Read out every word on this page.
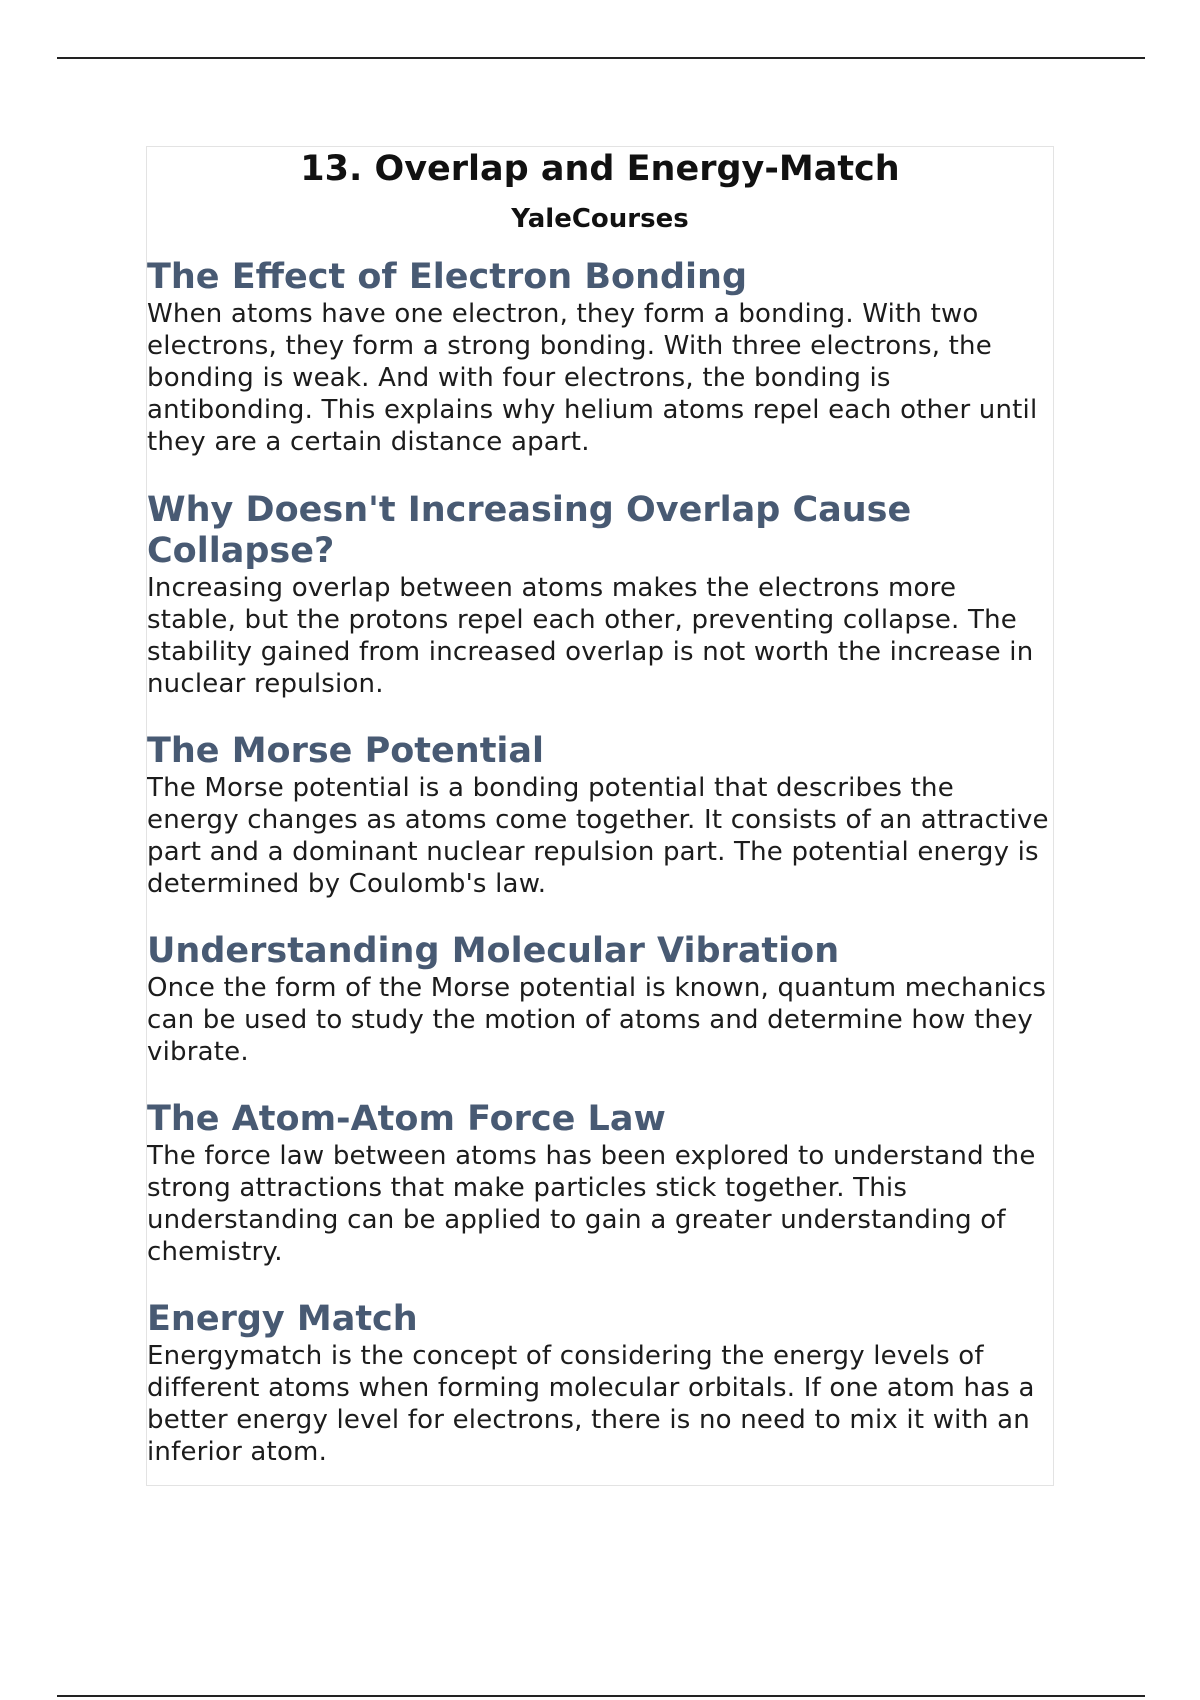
13. Overlap and Energy-Match
YaleCourses
The Effect of Electron Bonding

When atoms have one electron, they form a bonding. With two electrons, they form a strong bonding. With three electrons, the bonding is weak. And with four electrons, the bonding is antibonding. This explains why helium atoms repel each other until they are a certain distance apart.

Why Doesn't Increasing Overlap Cause Collapse?

Increasing overlap between atoms makes the electrons more stable, but the protons repel each other, preventing collapse. The stability gained from increased overlap is not worth the increase in nuclear repulsion.

The Morse Potential

The Morse potential is a bonding potential that describes the energy changes as atoms come together. It consists of an attractive part and a dominant nuclear repulsion part. The potential energy is determined by Coulomb's law.

Understanding Molecular Vibration

Once the form of the Morse potential is known, quantum mechanics can be used to study the motion of atoms and determine how they vibrate.

The Atom-Atom Force Law

The force law between atoms has been explored to understand the strong attractions that make particles stick together. This understanding can be applied to gain a greater understanding of chemistry.

Energy Match

Energymatch is the concept of considering the energy levels of different atoms when forming molecular orbitals. If one atom has a better energy level for electrons, there is no need to mix it with an inferior atom.
